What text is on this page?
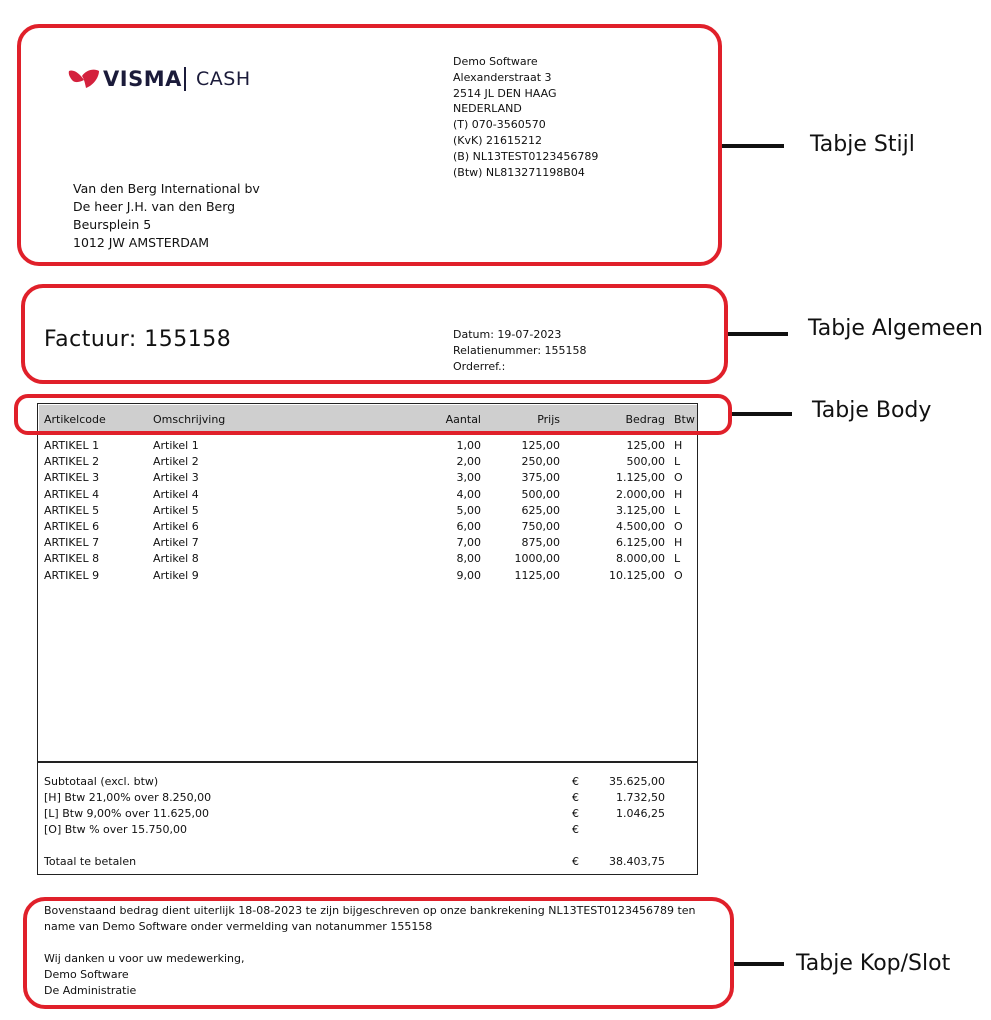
VISMA CASH
Demo Software
Alexanderstraat 3
2514 JL DEN HAAG
NEDERLAND
(T) 070-3560570
(KvK) 21615212
(B) NL13TEST0123456789
(Btw) NL813271198B04
Van den Berg International bv
De heer J.H. van den Berg
Beursplein 5
1012 JW AMSTERDAM
Tabje Stijl
Factuur: 155158	Datum: 19-07-2023
Relatienummer: 155158
Orderref.:
Tabje Algemeen
Artikelcode	Omschrijving	Aantal	Prijs	Bedrag Btw
ARTIKEL 1	Artikel 1	1,00	125,00	125,00 H
ARTIKEL 2	Artikel 2	2,00	250,00	500,00 L
ARTIKEL 3	Artikel 3	3,00	375,00	1.125,00 O
ARTIKEL 4	Artikel 4	4,00	500,00	2.000,00 H
ARTIKEL 5	Artikel 5	5,00	625,00	3.125,00 L
ARTIKEL 6	Artikel 6	6,00	750,00	4.500,00 O
ARTIKEL 7	Artikel 7	7,00	875,00	6.125,00 H
ARTIKEL 8	Artikel 8	8,00	1000,00	8.000,00 L
ARTIKEL 9	Artikel 9	9,00	1125,00	10.125,00 O
Subtotaal (excl. btw)	€	35.625,00
[H] Btw 21,00% over 8.250,00	€	1.732,50
[L] Btw 9,00% over 11.625,00	€	1.046,25
[O] Btw % over 15.750,00	€
Totaal te betalen	€	38.403,75
Tabje Body
Bovenstaand bedrag dient uiterlijk 18-08-2023 te zijn bijgeschreven op onze bankrekening NL13TEST0123456789 ten
name van Demo Software onder vermelding van notanummer 155158
Wij danken u voor uw medewerking,
Demo Software
De Administratie
Tabje Kop/Slot
